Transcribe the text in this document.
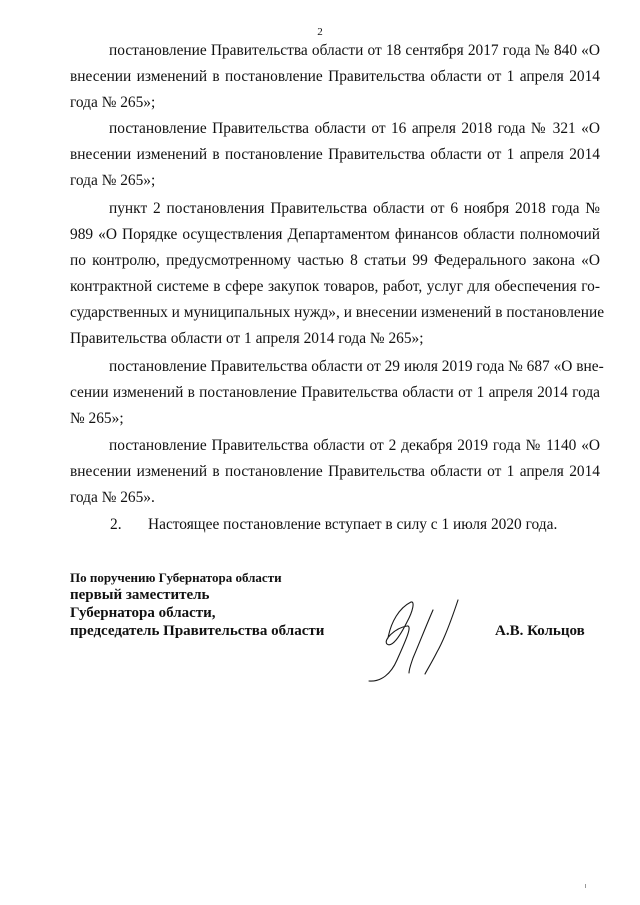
2
постановление Правительства области от 18 сентября 2017 года № 840 «О
внесении изменений в постановление Правительства области от 1 апреля 2014
года № 265»;
постановление Правительства области от 16 апреля 2018 года № 321 «О
внесении изменений в постановление Правительства области от 1 апреля 2014
года № 265»;
пункт 2 постановления Правительства области от 6 ноября 2018 года №
989 «О Порядке осуществления Департаментом финансов области полномочий
по контролю, предусмотренному частью 8 статьи 99 Федерального закона «О
контрактной системе в сфере закупок товаров, работ, услуг для обеспечения го-
сударственных и муниципальных нужд», и внесении изменений в постановление
Правительства области от 1 апреля 2014 года № 265»;
постановление Правительства области от 29 июля 2019 года № 687 «О вне-
сении изменений в постановление Правительства области от 1 апреля 2014 года
№ 265»;
постановление Правительства области от 2 декабря 2019 года № 1140 «О
внесении изменений в постановление Правительства области от 1 апреля 2014
года № 265».
2. Настоящее постановление вступает в силу с 1 июля 2020 года.
По поручению Губернатора области
первый заместитель
Губернатора области,
председатель Правительства области	А.В. Кольцов
